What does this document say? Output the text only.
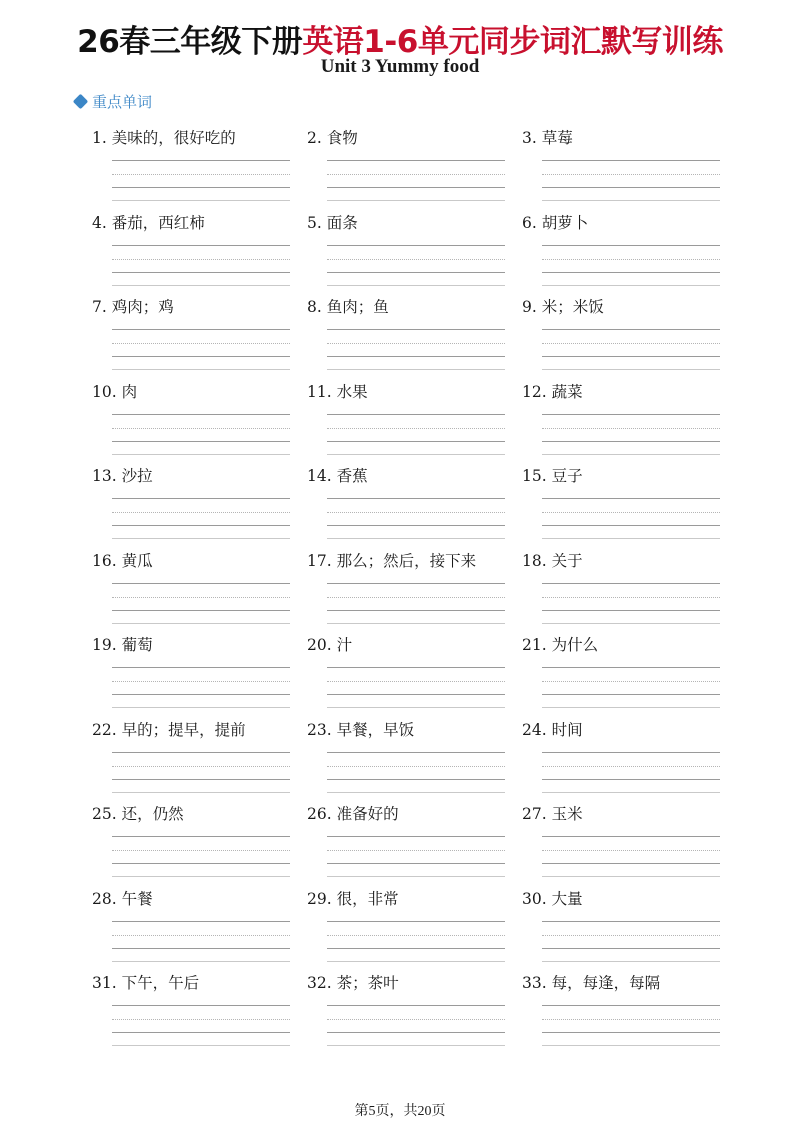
26春三年级下册英语1-6单元同步词汇默写训练
Unit 3 Yummy food
重点单词
1. 美味的，很好吃的	2. 食物	3. 草莓
4. 番茄，西红柿	5. 面条	6. 胡萝卜
7. 鸡肉；鸡	8. 鱼肉；鱼	9. 米；米饭
10. 肉	11. 水果	12. 蔬菜
13. 沙拉	14. 香蕉	15. 豆子
16. 黄瓜	17. 那么；然后，接下来	18. 关于
19. 葡萄	20. 汁	21. 为什么
22. 早的；提早，提前	23. 早餐，早饭	24. 时间
25. 还，仍然	26. 准备好的	27. 玉米
28. 午餐	29. 很，非常	30. 大量
31. 下午，午后	32. 茶；茶叶	33. 每，每逢，每隔
第5页，共20页
